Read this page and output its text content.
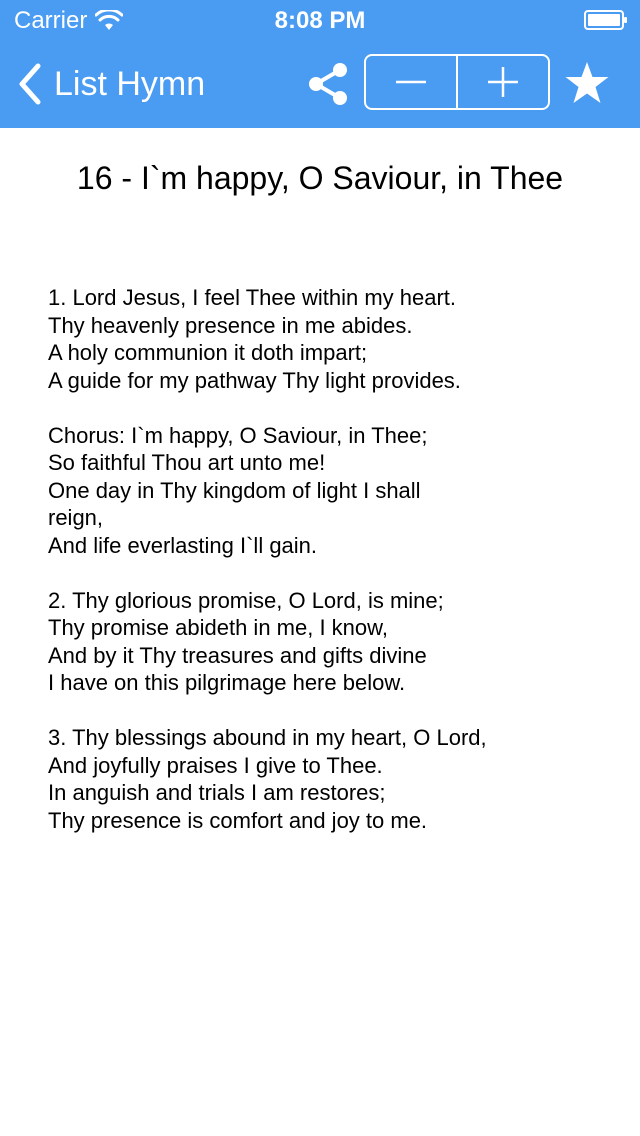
Carrier	8:08 PM
List Hymn
16 - I`m happy, O Saviour, in Thee
1. Lord Jesus, I feel Thee within my heart.
Thy heavenly presence in me abides.
A holy communion it doth impart;
A guide for my pathway Thy light provides.
Chorus: I`m happy, O Saviour, in Thee;
So faithful Thou art unto me!
One day in Thy kingdom of light I shall
reign,
And life everlasting I`ll gain.
2. Thy glorious promise, O Lord, is mine;
Thy promise abideth in me, I know,
And by it Thy treasures and gifts divine
I have on this pilgrimage here below.
3. Thy blessings abound in my heart, O Lord,
And joyfully praises I give to Thee.
In anguish and trials I am restores;
Thy presence is comfort and joy to me.
